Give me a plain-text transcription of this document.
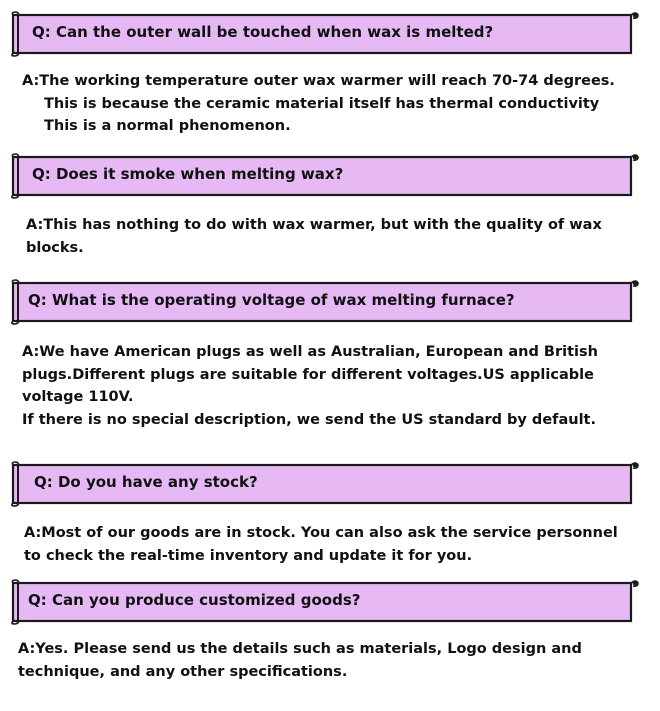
Q: Can the outer wall be touched when wax is melted?
A:The working temperature outer wax warmer will reach 70-74 degrees.
This is because the ceramic material itself has thermal conductivity
This is a normal phenomenon.
Q: Does it smoke when melting wax?
A:This has nothing to do with wax warmer, but with the quality of wax
blocks.
Q: What is the operating voltage of wax melting furnace?
A:We have American plugs as well as Australian, European and British
plugs.Different plugs are suitable for different voltages.US applicable
voltage 110V.
If there is no special description, we send the US standard by default.
Q: Do you have any stock?
A:Most of our goods are in stock. You can also ask the service personnel
to check the real-time inventory and update it for you.
Q: Can you produce customized goods?
A:Yes. Please send us the details such as materials, Logo design and
technique, and any other specifications.
